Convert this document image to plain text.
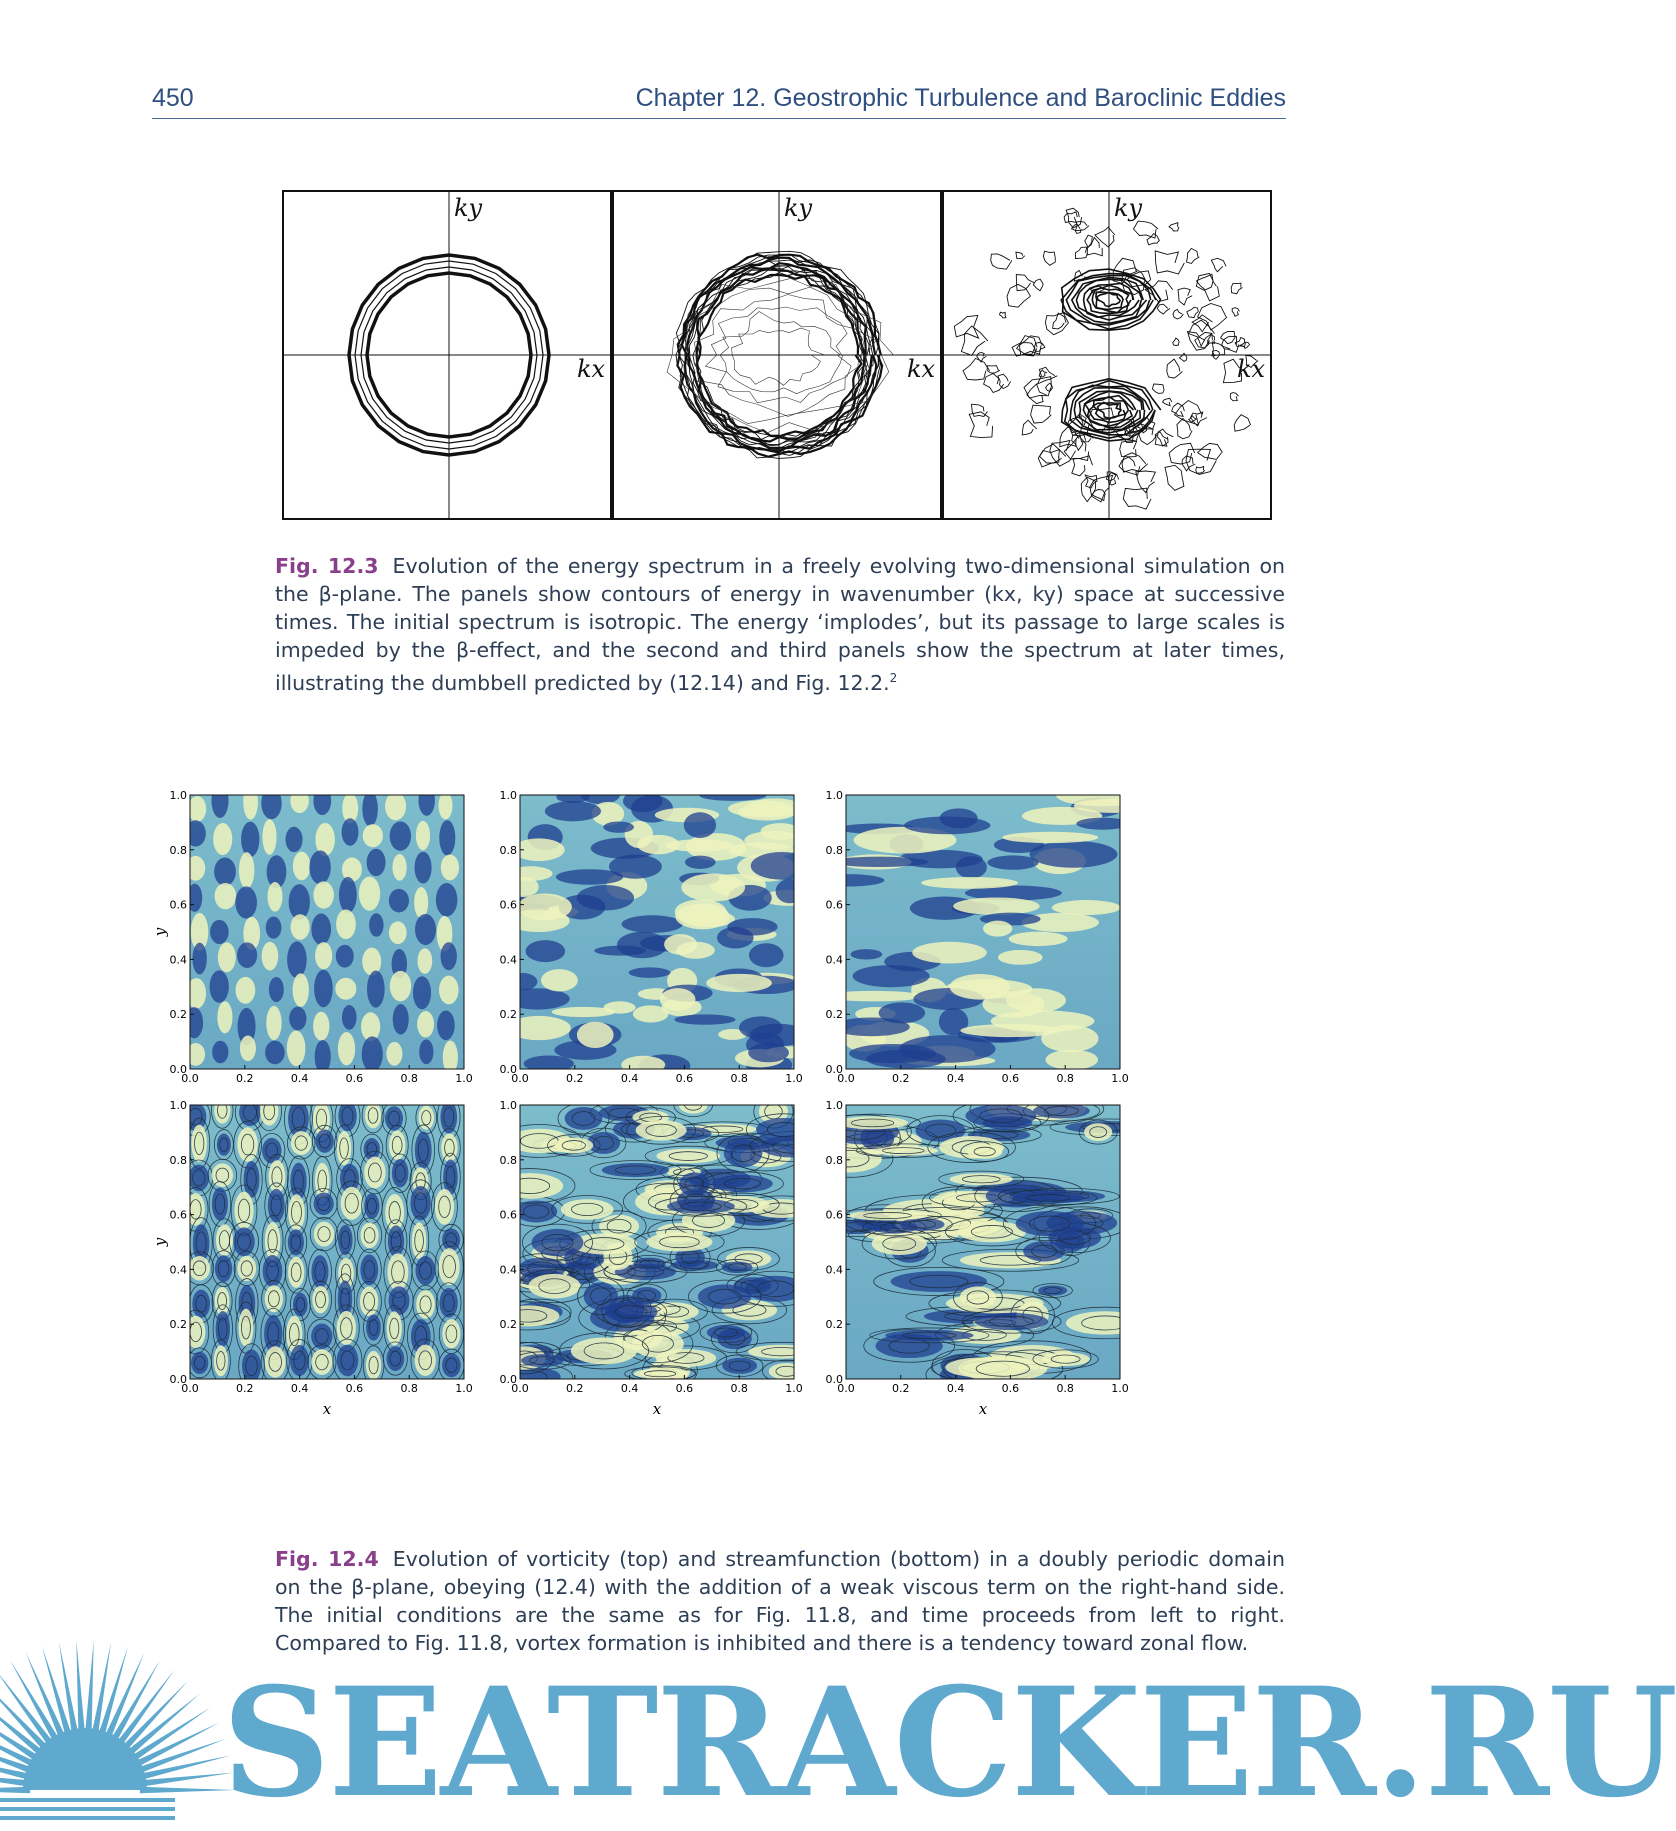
450	Chapter 12. Geostrophic Turbulence and Baroclinic Eddies
kx
ky
kx
ky
kx
ky
Fig. 12.3 Evolution of the energy spectrum in a freely evolving two-dimensional simulation on the β-plane. The panels show contours of energy in wavenumber (kx, ky) space at successive times. The initial spectrum is isotropic. The energy ‘implodes’, but its passage to large scales is impeded by the β-effect, and the second and third panels show the spectrum at later times, illustrating the dumbbell predicted by (12.14) and Fig. 12.2.$^2$
0.0
0.0
0.2
0.2
0.4
0.4
0.6
0.6
0.8
0.8
1.0
1.0
y
0.0
0.0
0.2
0.2
0.4
0.4
0.6
0.6
0.8
0.8
1.0
1.0
0.0
0.0
0.2
0.2
0.4
0.4
0.6
0.6
0.8
0.8
1.0
1.0
0.0
0.0
0.2
0.2
0.4
0.4
0.6
0.6
0.8
0.8
1.0
1.0
y
x
0.0
0.0
0.2
0.2
0.4
0.4
0.6
0.6
0.8
0.8
1.0
1.0
x
0.0
0.0
0.2
0.2
0.4
0.4
0.6
0.6
0.8
0.8
1.0
1.0
x
Fig. 12.4 Evolution of vorticity (top) and streamfunction (bottom) in a doubly periodic domain on the β-plane, obeying (12.4) with the addition of a weak viscous term on the right-hand side. The initial conditions are the same as for Fig. 11.8, and time proceeds from left to right. Compared to Fig. 11.8, vortex formation is inhibited and there is a tendency toward zonal flow.
SEATRACKER.RU
